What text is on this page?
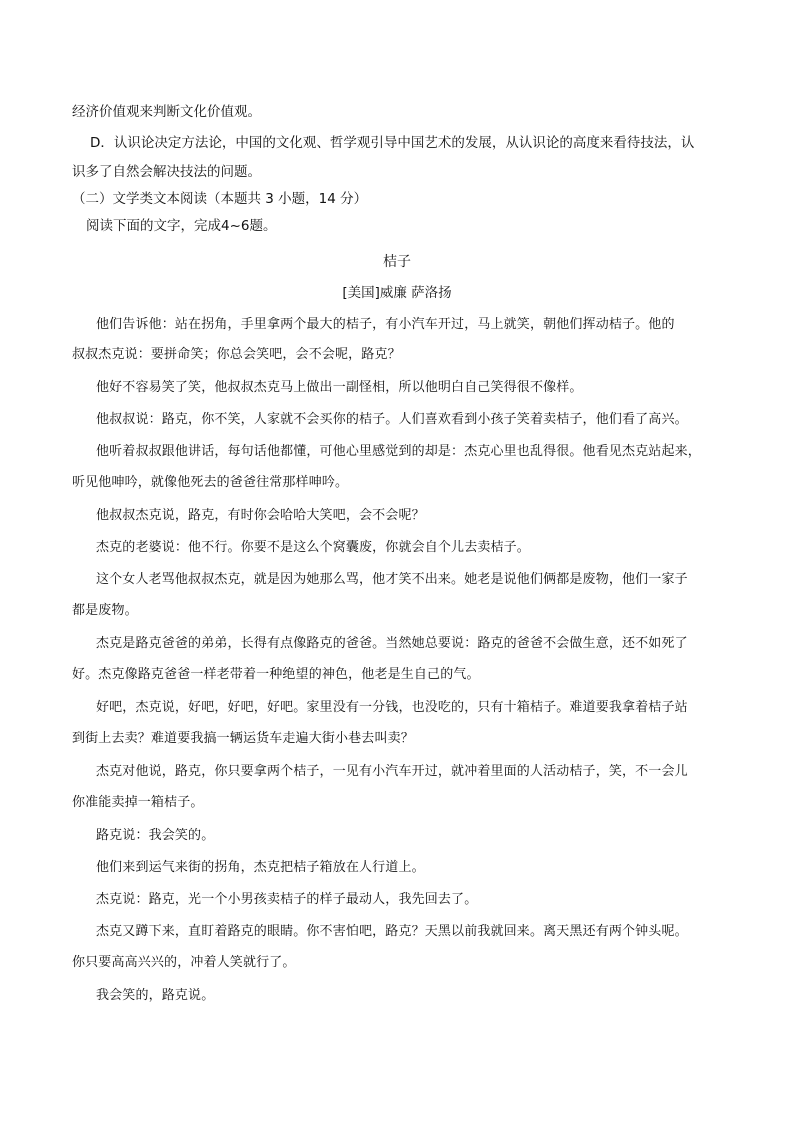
经济价值观来判断文化价值观。
D．认识论决定方法论，中国的文化观、哲学观引导中国艺术的发展，从认识论的高度来看待技法，认
识多了自然会解决技法的问题。
（二）文学类文本阅读（本题共 3 小题，14 分）
阅读下面的文字，完成4~6题。
桔子
[美国]威廉 萨洛扬
他们告诉他：站在拐角，手里拿两个最大的桔子，有小汽车开过，马上就笑，朝他们挥动桔子。他的
叔叔杰克说：要拼命笑；你总会笑吧，会不会呢，路克？
他好不容易笑了笑，他叔叔杰克马上做出一副怪相，所以他明白自己笑得很不像样。
他叔叔说：路克，你不笑，人家就不会买你的桔子。人们喜欢看到小孩子笑着卖桔子，他们看了高兴。
他听着叔叔跟他讲话，每句话他都懂，可他心里感觉到的却是：杰克心里也乱得很。他看见杰克站起来，
听见他呻吟，就像他死去的爸爸往常那样呻吟。
他叔叔杰克说，路克，有时你会哈哈大笑吧，会不会呢？
杰克的老婆说：他不行。你要不是这么个窝囊废，你就会自个儿去卖桔子。
这个女人老骂他叔叔杰克，就是因为她那么骂，他才笑不出来。她老是说他们俩都是废物，他们一家子
都是废物。
杰克是路克爸爸的弟弟，长得有点像路克的爸爸。当然她总要说：路克的爸爸不会做生意，还不如死了
好。杰克像路克爸爸一样老带着一种绝望的神色，他老是生自己的气。
好吧，杰克说，好吧，好吧，好吧。家里没有一分钱，也没吃的，只有十箱桔子。难道要我拿着桔子站
到街上去卖？难道要我搞一辆运货车走遍大街小巷去叫卖？
杰克对他说，路克，你只要拿两个桔子，一见有小汽车开过，就冲着里面的人活动桔子，笑，不一会儿
你准能卖掉一箱桔子。
路克说：我会笑的。
他们来到运气来街的拐角，杰克把桔子箱放在人行道上。
杰克说：路克，光一个小男孩卖桔子的样子最动人，我先回去了。
杰克又蹲下来，直盯着路克的眼睛。你不害怕吧，路克？天黑以前我就回来。离天黑还有两个钟头呢。
你只要高高兴兴的，冲着人笑就行了。
我会笑的，路克说。
